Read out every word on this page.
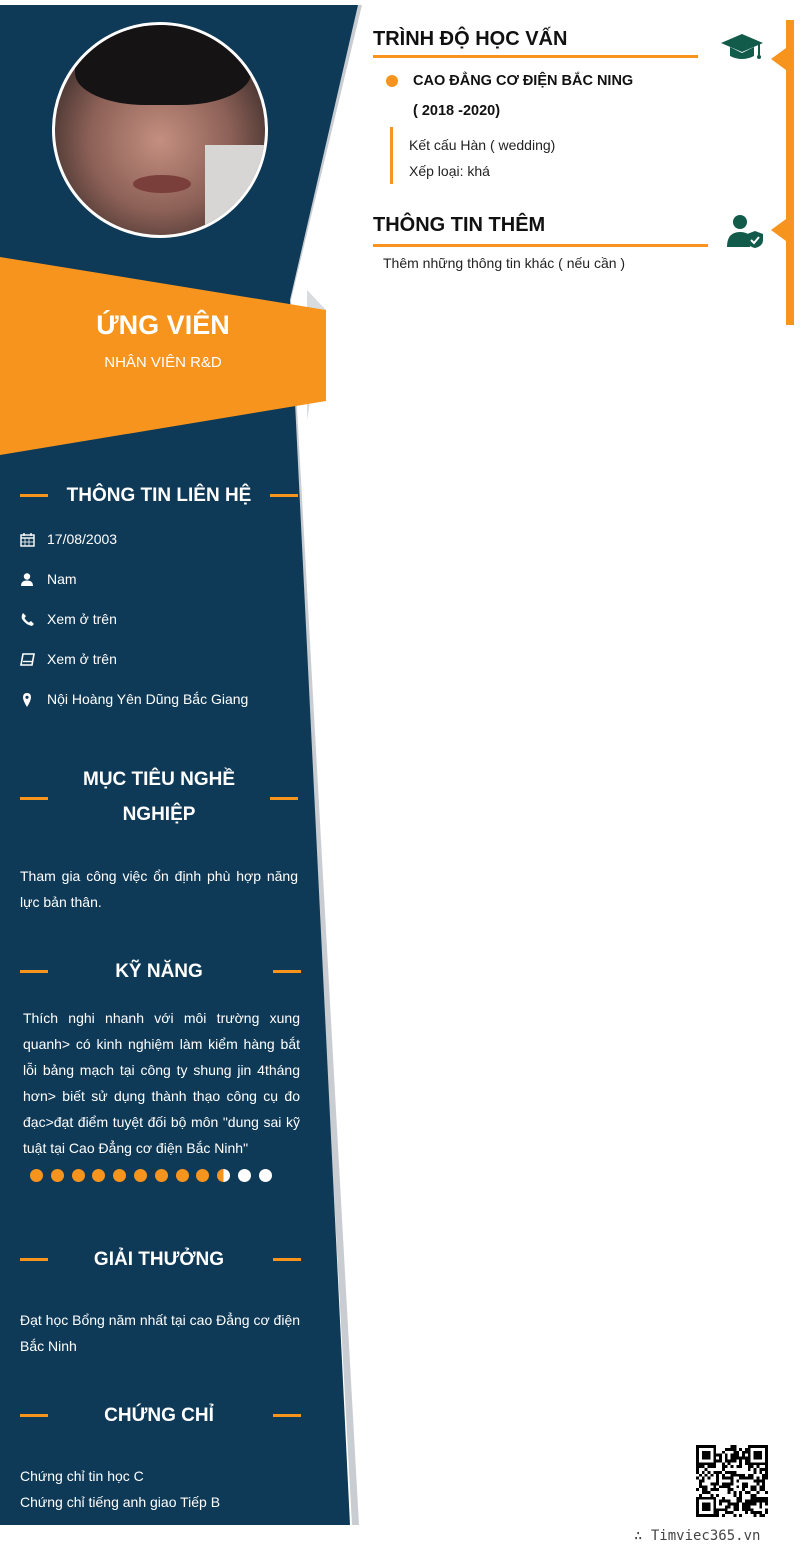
ỨNG VIÊN
NHÂN VIÊN R&D
THÔNG TIN LIÊN HỆ
17/08/2003
Nam
Xem ở trên
Xem ở trên
Nội Hoàng Yên Dũng Bắc Giang
MỤC TIÊU NGHỀ
NGHIỆP
Tham gia công việc ổn định phù hợp năng
lực bản thân.
KỸ NĂNG
Thích nghi nhanh với môi trường xung
quanh> có kinh nghiệm làm kiểm hàng bắt
lỗi bảng mạch tại công ty shung jin 4tháng
hơn> biết sử dụng thành thạo công cụ đo
đạc>đạt điểm tuyệt đối bộ môn "dung sai kỹ
tuật tại Cao Đẳng cơ điện Bắc Ninh"
GIẢI THƯỞNG
Đạt học Bổng năm nhất tại cao Đẳng cơ điện
Bắc Ninh
CHỨNG CHỈ
Chứng chỉ tin học C
Chứng chỉ tiếng anh giao Tiếp B
TRÌNH ĐỘ HỌC VẤN
CAO ĐẲNG CƠ ĐIỆN BẮC NING
( 2018 -2020)
Kết cấu Hàn ( wedding)
Xếp loại: khá
THÔNG TIN THÊM
Thêm những thông tin khác ( nếu cần )
∴ Timviec365.vn
